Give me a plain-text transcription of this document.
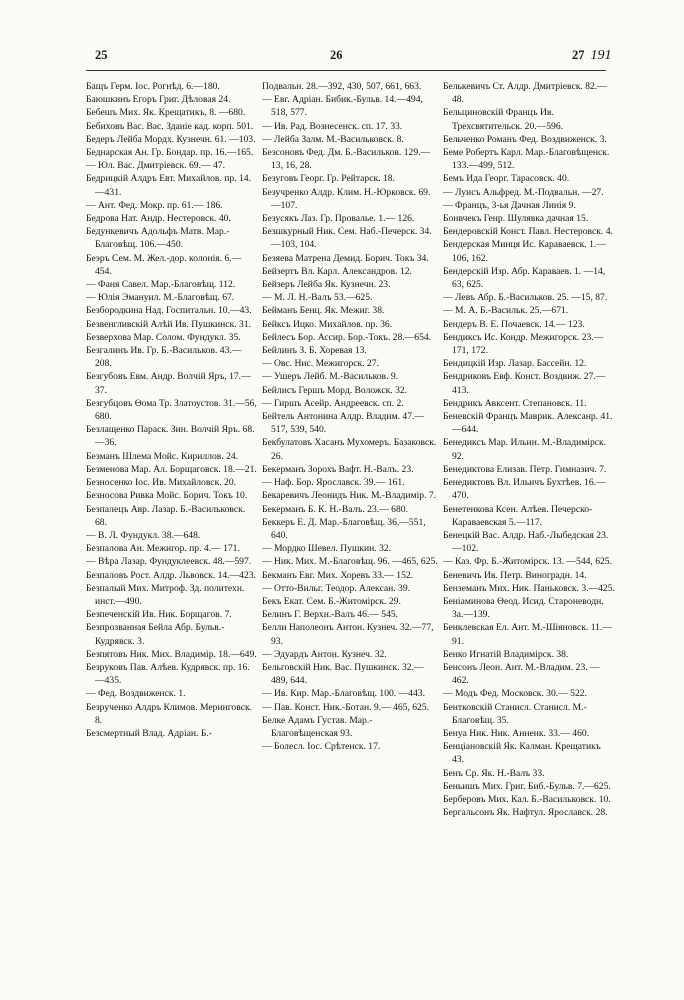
25	26	27 191
Бащъ Герм. Іос. Рогнѣд. 6.—180.
Баюшкинъ Егоръ Григ. Дѣловая 24.
Бебешъ Мих. Як. Крещатикъ, 8. —680.
Бебиховъ Вас. Вас. Зданіе кад. корп. 501.
Бедеръ Лейба Мордх. Кузнечн. 61. —103.
Беднарская Ан. Гр. Бондар. пр. 16.—165.
— Юл. Вас. Дмитріевск. 69.— 47.
Бедрицкій Алдръ Евт. Михайлов. пр. 14.—431.
— Ант. Фед. Мокр. пр. 61.— 186.
Бедрова Нат. Андр. Нестеровск. 40.
Бедункевичъ Адольфъ Матв. Мар.-Благовѣщ. 106.—450.
Беэръ Сем. М. Жел.-дор. колонія. 6.—454.
— Фаня Савел. Мар.-Благовѣщ. 112.
— Юлія Эмануил. М.-Благовѣщ. 67.
Безбородкина Над. Госпитальн. 10.—43.
Безвенгливскій Алѣй Ив. Пушкинск. 31.
Безверхова Мар. Солом. Фундукл. 35.
Безгалинъ Ив. Гр. Б.-Васильков. 43.—208.
Безгубовъ Евм. Андр. Волчій Яръ, 17.—37.
Безгубцовъ Ѳома Тр. Златоустов. 31.—56, 680.
Безлащенко Параск. Зин. Волчій Яръ. 68.—36.
Безманъ Шлема Мойс. Кириллов. 24.
Безменова Мар. Ал. Борщаговск. 18.—21.
Безносенко Іос. Ив. Михайловск. 20.
Безносова Ривка Мойс. Борич. Токъ 10.
Безпалецъ Авр. Лазар. Б.-Васильковск. 68.
— В. Л. Фундукл. 38.—648.
Безпалова Ан. Межигор. пр. 4.— 171.
— Вѣра Лазар. Фундуклеевск. 48.—597.
Безпаловъ Рост. Алдр. Львовск. 14.—423.
Безпалый Мих. Митроф. Зд. политехн. инст.—490.
Безпеченскій Ив. Ник. Борщагов. 7.
Безпрозванная Бейла Абр. Бульв.-Кудрявск. 3.
Безпятовъ Ник. Мих. Владимір. 18.—649.
Безруковъ Пав. Алѣев. Кудрявск. пр. 16.—435.
— Фед. Воздвиженск. 1.
Безрученко Алдръ Климов. Меринговск. 8.
Безсмертный Влад. Адріан. Б.-
Подвальн. 28.—392, 430, 507, 661, 663.
— Евг. Адріан. Бибик.-Бульв. 14.—494, 518, 577.
— Ив. Рад. Вознесенск. сп. 17. 33.
— Лейба Залм. М.-Васильковск. 8.
Безсоновъ Фед. Дм. Б.-Васильков. 129.—13, 16, 28.
Безуговъ Георг. Гр. Рейтарск. 18.
Безучренко Алдр. Клим. Н.-Юрковск. 69.—107.
Безусякъ Лаз. Гр. Провалье. 1.— 126.
Безшкурный Ник. Сем. Наб.-Печерск. 34.—103, 104.
Безяева Матрена Демид. Борич. Токъ 34.
Бейзертъ Вл. Карл. Александров. 12.
Бейзеръ Лейба Як. Кузнечн. 23.
— М. Л. Н.-Валъ 53.—625.
Бейманъ Бенц. Як. Межиг. 38.
Бейксъ Ицко. Михайлов. пр. 36.
Бейлесъ Бор. Ассир. Бор.-Токъ. 28.—654.
Бейлинъ З. Б. Хоревая 13.
— Овс. Нис. Межигорск. 27.
— Ушеръ Лейб. М.-Васильков. 9.
Бейлисъ Гершъ Морд. Воложск. 32.
— Гиршъ Асейр. Андреевск. сп. 2.
Бейтель Антонина Алдр. Владим. 47.—517, 539, 540.
Бекбулатовъ Хасанъ Мухомеръ. Базаковск. 26.
Бекерманъ Зорохъ Вафт. Н.-Валъ. 23.
— Наф. Бор. Ярославск. 39.— 161.
Бекаревичъ Леонидъ Ник. М.-Владимір. 7.
Бекерманъ Б. К. Н.-Валъ. 23.— 680.
Беккеръ Е. Д. Мар.-Благовѣщ. 36.—551, 640.
— Мордко Шевел. Пушкин. 32.
— Ник. Мих. М.-Благовѣщ. 96. —465, 625.
Бекманъ Евг. Мих. Хоревъ 33.— 152.
— Отто-Вильг. Теодор. Алексан. 39.
Бекъ Екат. Сем. Б.-Житомірск. 29.
Белинъ Г. Верхн.-Валъ 46.— 545.
Белли Наполеонъ Антон. Кузнеч. 32.—77, 93.
— Эдуардъ Антон. Кузнеч. 32.
Бельговскій Ник. Вас. Пушкинск. 32.—489, 644.
— Ив. Кир. Мар.-Благовѣщ. 100. —443.
— Пав. Конст. Ник.-Ботан. 9.— 465, 625.
Белке Адамъ Густав. Мар.-Благовѣщенская 93.
— Болесл. Іос. Срѣтенск. 17.
Белькевичъ Ст. Алдр. Дмитріевск. 82.—48.
Бельциновскій Францъ Ив. Трехсвятительск. 20.—596.
Бельченко Романъ Фед. Воздвиженск. 3.
Беме Робертъ Карл. Мар.-Благовѣщенск. 133.—499, 512.
Бемъ Ида Георг. Тарасовск. 40.
— Луисъ Альфред. М.-Подвальн. —27.
— Францъ, 3-ья Дачная Линія 9.
Бонвчекъ Генр. Шулявка дачная 15.
Бендеровскій Конст. Павл. Нестеровск. 4.
Бендерская Минця Ис. Караваевск. 1.—106, 162.
Бендерскій Изр. Абр. Караваев. 1. —14, 63, 625.
— Левъ Абр. Б.-Васильков. 25. —15, 87.
— М. А. Б.-Васильк. 25.—671.
Бендеръ В. Е. Почаевск. 14.— 123.
Бендиксъ Ис. Кондр. Межигорск. 23.—171, 172.
Бендицкій Изр. Лазар. Бассейн. 12.
Бендриковъ Евф. Конст. Воздвиж. 27.—413.
Бендрикъ Авксент. Степановск. 11.
Беневскій Францъ Маврик. Алексанр. 41.—644.
Бенедиксъ Мар. Ильин. М.-Владимірск. 92.
Бенедиктова Елизав. Петр. Гимназич. 7.
Бенедиктовъ Вл. Ильичъ Бухтѣев. 16.—470.
Бенетенкова Ксен. Алѣев. Печерско-Караваевская 5.—117.
Бенецкій Вас. Алдр. Наб.-Лыбедская 23.—102.
— Каз. Фр. Б.-Житомірск. 13. —544, 625.
Беневичъ Ив. Петр. Виноградн. 14.
Бенземанъ Мих. Ник. Паньковск. 3.—425.
Беніаминова Ѳеод. Исид. Староневодн. 3а.—139.
Бенклевская Ел. Ант. М.-Шіяновск. 11.—91.
Бенко Игнатій Владимірск. 38.
Бенсонъ Леон. Ант. М.-Владим. 23. —462.
— Модъ Фед. Московск. 30.— 522.
Бентковскій Станисл. Станисл. М.-Благовѣщ. 35.
Бенуа Ник. Ник. Анненк. 33.— 460.
Бенціановскій Як. Калман. Крещатикъ 43.
Бенъ Ср. Як. Н.-Валъ 33.
Беньишъ Мих. Григ. Биб.-Бульв. 7.—625.
Берберовъ Мих. Кал. Б.-Васильковск. 10.
Бергальсонъ Як. Нафтул. Ярославск. 28.
